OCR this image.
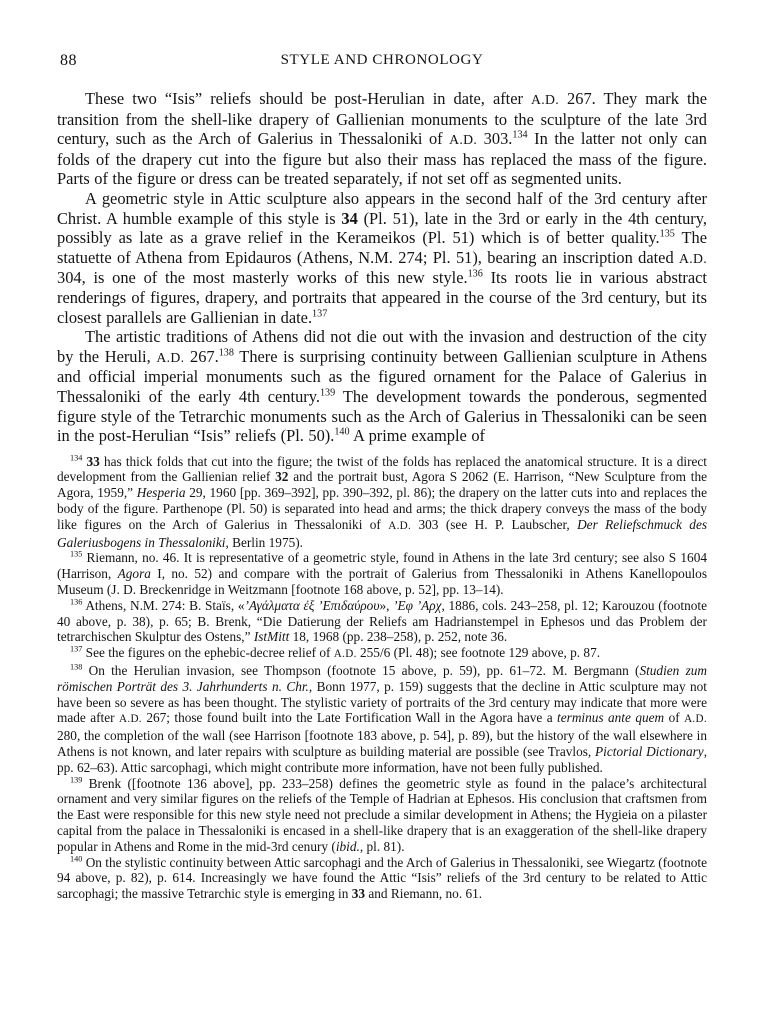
88	STYLE AND CHRONOLOGY

These two “Isis” reliefs should be post-Herulian in date, after A.D. 267. They mark the transition from the shell-like drapery of Gallienian monuments to the sculpture of the late 3rd century, such as the Arch of Galerius in Thessaloniki of A.D. 303.$^{134}$ In the latter not only can folds of the drapery cut into the figure but also their mass has replaced the mass of the figure. Parts of the figure or dress can be treated separately, if not set off as segmented units.

A geometric style in Attic sculpture also appears in the second half of the 3rd century after Christ. A humble example of this style is 34 (Pl. 51), late in the 3rd or early in the 4th century, possibly as late as a grave relief in the Kerameikos (Pl. 51) which is of better quality.$^{135}$ The statuette of Athena from Epidauros (Athens, N.M. 274; Pl. 51), bearing an inscription dated A.D. 304, is one of the most masterly works of this new style.$^{136}$ Its roots lie in various abstract renderings of figures, drapery, and portraits that appeared in the course of the 3rd century, but its closest parallels are Gallienian in date.$^{137}$

The artistic traditions of Athens did not die out with the invasion and destruction of the city by the Heruli, A.D. 267.$^{138}$ There is surprising continuity between Gallienian sculpture in Athens and official imperial monuments such as the figured ornament for the Palace of Galerius in Thessaloniki of the early 4th century.$^{139}$ The development towards the ponderous, segmented figure style of the Tetrarchic monuments such as the Arch of Galerius in Thessaloniki can be seen in the post-Herulian “Isis” reliefs (Pl. 50).$^{140}$ A prime example of

$^{134}$ 33 has thick folds that cut into the figure; the twist of the folds has replaced the anatomical structure. It is a direct development from the Gallienian relief 32 and the portrait bust, Agora S 2062 (E. Harrison, “New Sculpture from the Agora, 1959,” Hesperia 29, 1960 [pp. 369–392], pp. 390–392, pl. 86); the drapery on the latter cuts into and replaces the body of the figure. Parthenope (Pl. 50) is separated into head and arms; the thick drapery conveys the mass of the body like figures on the Arch of Galerius in Thessaloniki of A.D. 303 (see H. P. Laubscher, Der Reliefschmuck des Galeriusbogens in Thessaloniki, Berlin 1975).

$^{135}$ Riemann, no. 46. It is representative of a geometric style, found in Athens in the late 3rd century; see also S 1604 (Harrison, Agora I, no. 52) and compare with the portrait of Galerius from Thessaloniki in Athens Kanellopoulos Museum (J. D. Breckenridge in Weitzmann [footnote 168 above, p. 52], pp. 13–14).

$^{136}$ Athens, N.M. 274: B. Staïs, «’Αγάλματα ἐξ ’Επιδαύρου», ’Εφ ’Αρχ, 1886, cols. 243–258, pl. 12; Karouzou (footnote 40 above, p. 38), p. 65; B. Brenk, “Die Datierung der Reliefs am Hadrianstempel in Ephesos und das Problem der tetrarchischen Skulptur des Ostens,” IstMitt 18, 1968 (pp. 238–258), p. 252, note 36.

$^{137}$ See the figures on the ephebic-decree relief of A.D. 255/6 (Pl. 48); see footnote 129 above, p. 87.

$^{138}$ On the Herulian invasion, see Thompson (footnote 15 above, p. 59), pp. 61–72. M. Bergmann (Studien zum römischen Porträt des 3. Jahrhunderts n. Chr., Bonn 1977, p. 159) suggests that the decline in Attic sculpture may not have been so severe as has been thought. The stylistic variety of portraits of the 3rd century may indicate that more were made after A.D. 267; those found built into the Late Fortification Wall in the Agora have a terminus ante quem of A.D. 280, the completion of the wall (see Harrison [footnote 183 above, p. 54], p. 89), but the history of the wall elsewhere in Athens is not known, and later repairs with sculpture as building material are possible (see Travlos, Pictorial Dictionary, pp. 62–63). Attic sarcophagi, which might contribute more information, have not been fully published.

$^{139}$ Brenk ([footnote 136 above], pp. 233–258) defines the geometric style as found in the palace’s architectural ornament and very similar figures on the reliefs of the Temple of Hadrian at Ephesos. His conclusion that craftsmen from the East were responsible for this new style need not preclude a similar development in Athens; the Hygieia on a pilaster capital from the palace in Thessaloniki is encased in a shell-like drapery that is an exaggeration of the shell-like drapery popular in Athens and Rome in the mid-3rd cenury (ibid., pl. 81).

$^{140}$ On the stylistic continuity between Attic sarcophagi and the Arch of Galerius in Thessaloniki, see Wiegartz (footnote 94 above, p. 82), p. 614. Increasingly we have found the Attic “Isis” reliefs of the 3rd century to be related to Attic sarcophagi; the massive Tetrarchic style is emerging in 33 and Riemann, no. 61.
